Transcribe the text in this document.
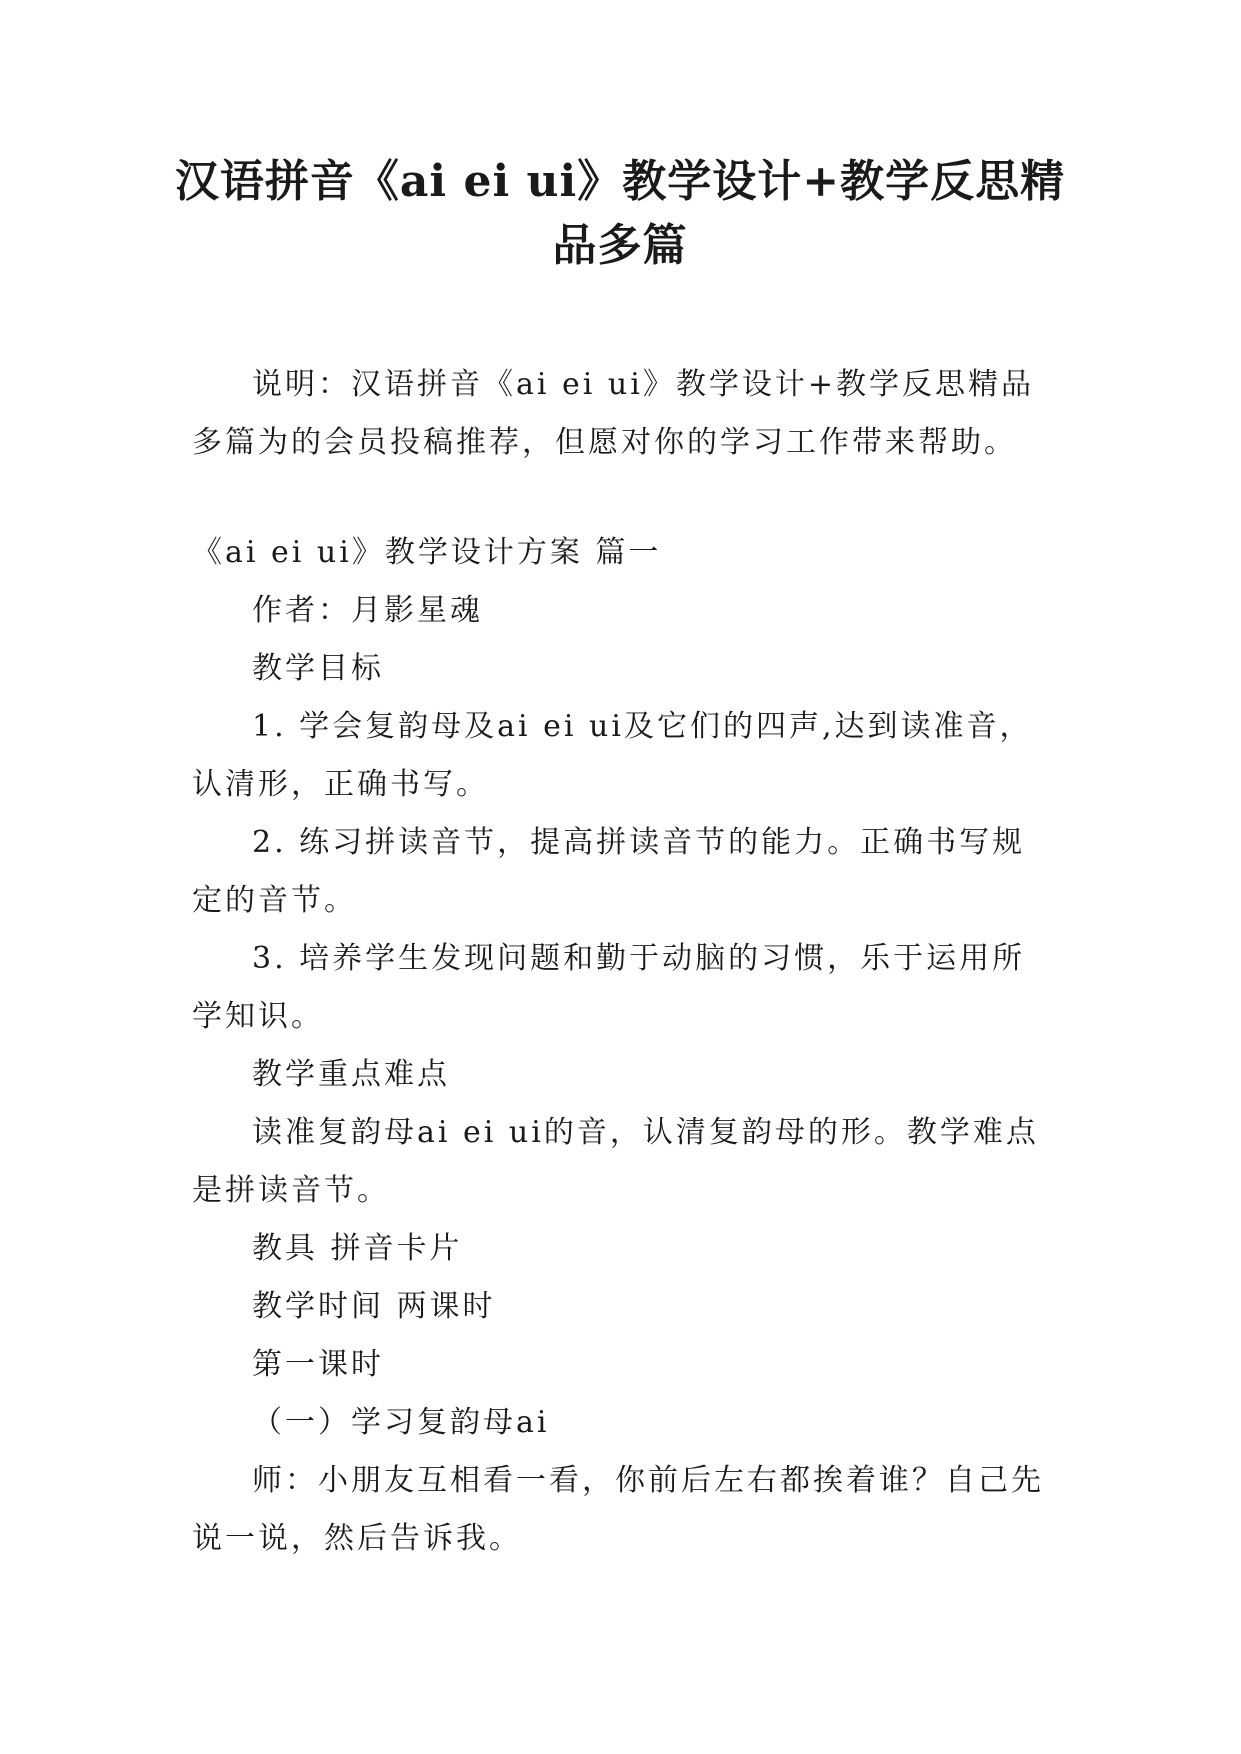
汉语拼音《ai ei ui》教学设计+教学反思精品多篇

说明：汉语拼音《ai ei ui》教学设计+教学反思精品多篇为的会员投稿推荐，但愿对你的学习工作带来帮助。

《ai ei ui》教学设计方案 篇一

作者：月影星魂

教学目标

1. 学会复韵母及ai ei ui及它们的四声,达到读准音，认清形，正确书写。

2. 练习拼读音节，提高拼读音节的能力。正确书写规定的音节。

3. 培养学生发现问题和勤于动脑的习惯，乐于运用所学知识。

教学重点难点

读准复韵母ai ei ui的音，认清复韵母的形。教学难点是拼读音节。

教具 拼音卡片

教学时间 两课时

第一课时

（一）学习复韵母ai

师：小朋友互相看一看，你前后左右都挨着谁？自己先说一说，然后告诉我。
